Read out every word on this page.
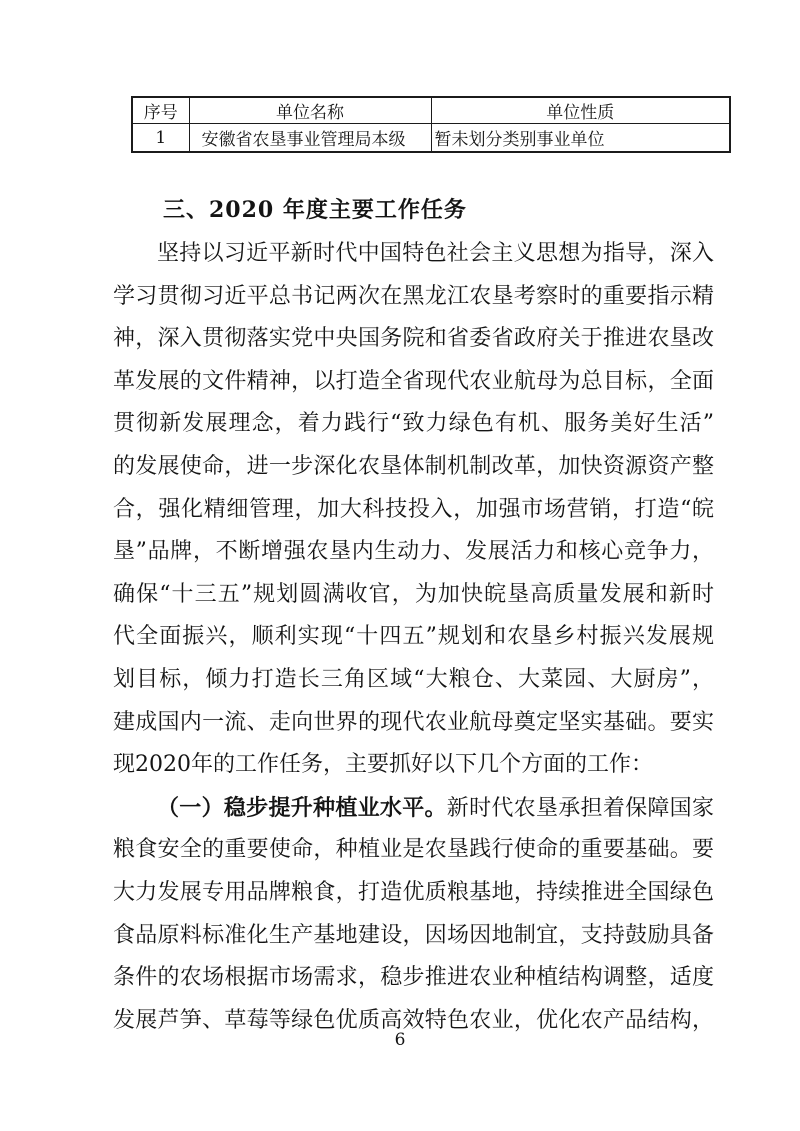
序号	单位名称	单位性质
1	安徽省农垦事业管理局本级	暂未划分类别事业单位
三、2020 年度主要工作任务
坚持以习近平新时代中国特色社会主义思想为指导，深入
学习贯彻习近平总书记两次在黑龙江农垦考察时的重要指示精
神，深入贯彻落实党中央国务院和省委省政府关于推进农垦改
革发展的文件精神，以打造全省现代农业航母为总目标，全面
贯彻新发展理念，着力践行“致力绿色有机、服务美好生活”
的发展使命，进一步深化农垦体制机制改革，加快资源资产整
合，强化精细管理，加大科技投入，加强市场营销，打造“皖
垦”品牌，不断增强农垦内生动力、发展活力和核心竞争力，
确保“十三五”规划圆满收官，为加快皖垦高质量发展和新时
代全面振兴，顺利实现“十四五”规划和农垦乡村振兴发展规
划目标，倾力打造长三角区域“大粮仓、大菜园、大厨房”，
建成国内一流、走向世界的现代农业航母奠定坚实基础。要实
现2020年的工作任务，主要抓好以下几个方面的工作：
（一）稳步提升种植业水平。新时代农垦承担着保障国家
粮食安全的重要使命，种植业是农垦践行使命的重要基础。要
大力发展专用品牌粮食，打造优质粮基地，持续推进全国绿色
食品原料标准化生产基地建设，因场因地制宜，支持鼓励具备
条件的农场根据市场需求，稳步推进农业种植结构调整，适度
发展芦笋、草莓等绿色优质高效特色农业，优化农产品结构，
6
